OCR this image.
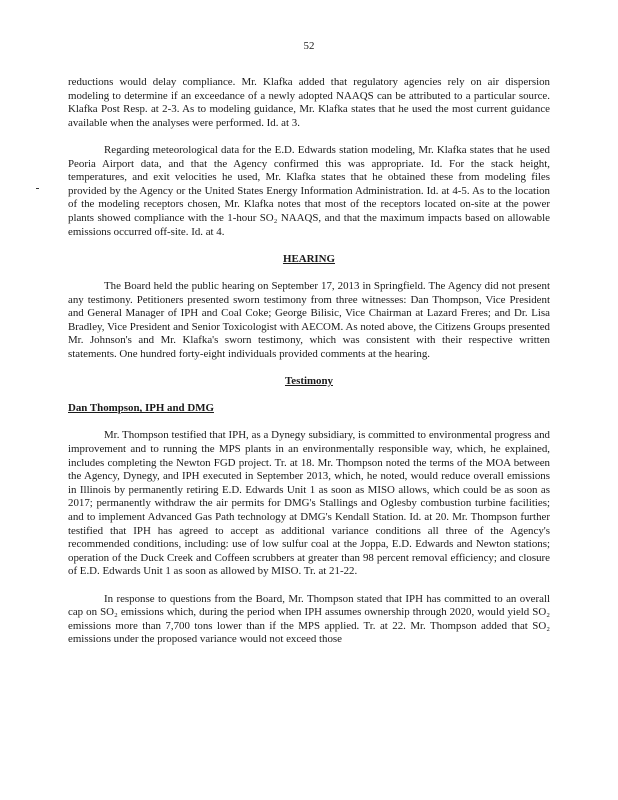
52

reductions would delay compliance. Mr. Klafka added that regulatory agencies rely on air dispersion modeling to determine if an exceedance of a newly adopted NAAQS can be attributed to a particular source. Klafka Post Resp. at 2-3. As to modeling guidance, Mr. Klafka states that he used the most current guidance available when the analyses were performed. Id. at 3.

Regarding meteorological data for the E.D. Edwards station modeling, Mr. Klafka states that he used Peoria Airport data, and that the Agency confirmed this was appropriate. Id. For the stack height, temperatures, and exit velocities he used, Mr. Klafka states that he obtained these from modeling files provided by the Agency or the United States Energy Information Administration. Id. at 4-5. As to the location of the modeling receptors chosen, Mr. Klafka notes that most of the receptors located on-site at the power plants showed compliance with the 1-hour SO₂ NAAQS, and that the maximum impacts based on allowable emissions occurred off-site. Id. at 4.

HEARING

The Board held the public hearing on September 17, 2013 in Springfield. The Agency did not present any testimony. Petitioners presented sworn testimony from three witnesses: Dan Thompson, Vice President and General Manager of IPH and Coal Coke; George Bilisic, Vice Chairman at Lazard Freres; and Dr. Lisa Bradley, Vice President and Senior Toxicologist with AECOM. As noted above, the Citizens Groups presented Mr. Johnson's and Mr. Klafka's sworn testimony, which was consistent with their respective written statements. One hundred forty-eight individuals provided comments at the hearing.

Testimony
Dan Thompson, IPH and DMG

Mr. Thompson testified that IPH, as a Dynegy subsidiary, is committed to environmental progress and improvement and to running the MPS plants in an environmentally responsible way, which, he explained, includes completing the Newton FGD project. Tr. at 18. Mr. Thompson noted the terms of the MOA between the Agency, Dynegy, and IPH executed in September 2013, which, he noted, would reduce overall emissions in Illinois by permanently retiring E.D. Edwards Unit 1 as soon as MISO allows, which could be as soon as 2017; permanently withdraw the air permits for DMG's Stallings and Oglesby combustion turbine facilities; and to implement Advanced Gas Path technology at DMG's Kendall Station. Id. at 20. Mr. Thompson further testified that IPH has agreed to accept as additional variance conditions all three of the Agency's recommended conditions, including: use of low sulfur coal at the Joppa, E.D. Edwards and Newton stations; operation of the Duck Creek and Coffeen scrubbers at greater than 98 percent removal efficiency; and closure of E.D. Edwards Unit 1 as soon as allowed by MISO. Tr. at 21-22.

In response to questions from the Board, Mr. Thompson stated that IPH has committed to an overall cap on SO₂ emissions which, during the period when IPH assumes ownership through 2020, would yield SO₂ emissions more than 7,700 tons lower than if the MPS applied. Tr. at 22. Mr. Thompson added that SO₂ emissions under the proposed variance would not exceed those
